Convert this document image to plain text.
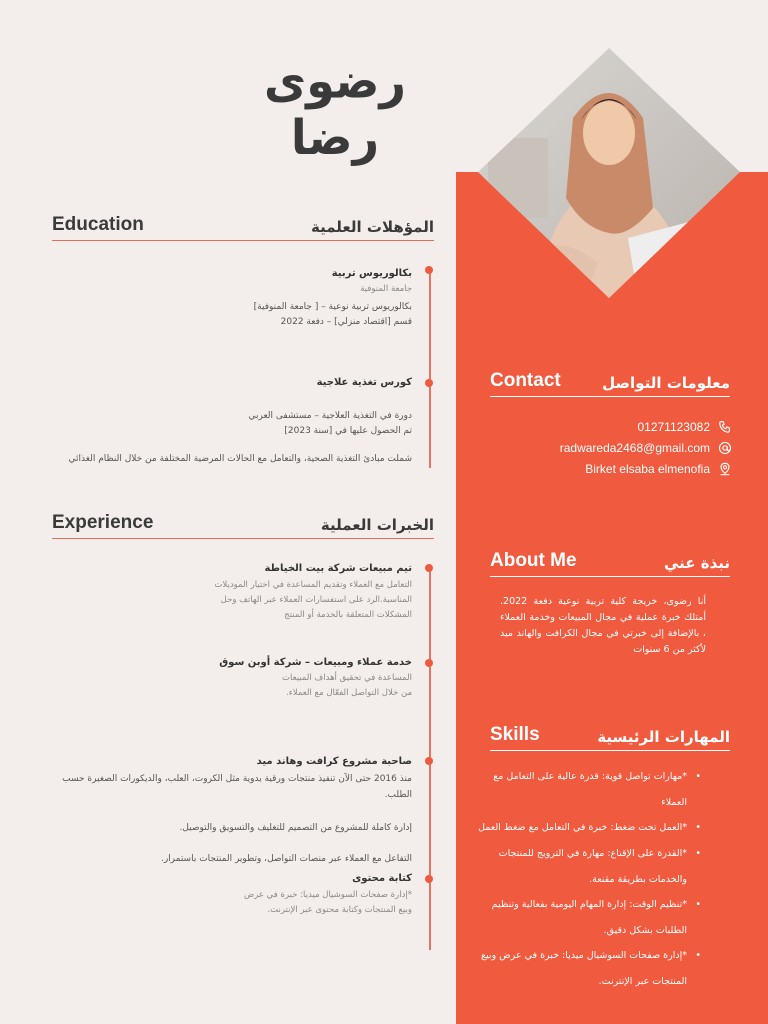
رضوى رضا
Education	المؤهلات العلمية
بكالوريوس تربية
جامعة المنوفية
بكالوريوس تربية نوعية – [ جامعة المنوفية]
قسم [اقتصاد منزلي] – دفعة 2022
كورس تغذية علاجية
دورة في التغذية العلاجية – مستشفى العربي
تم الحصول عليها في [سنة 2023]
شملت مبادئ التغذية الصحية، والتعامل مع الحالات المرضية المختلفة من خلال النظام الغذائي
Experience	الخبرات العملية
تيم مبيعات شركة بيت الخياطة
التعامل مع العملاء وتقديم المساعدة في اختيار الموديلات المناسبة.الرد على استفسارات العملاء عبر الهاتف وحل المشكلات المتعلقة بالخدمة أو المنتج
خدمة عملاء ومبيعات – شركة أوبن سوق
المساعدة في تحقيق أهداف المبيعات
من خلال التواصل الفعّال مع العملاء.
صاحبة مشروع كرافت وهاند ميد
منذ 2016 حتى الآن تنفيذ منتجات ورقية يدوية مثل الكروت، العلب، والديكورات الصغيرة حسب الطلب.
إدارة كاملة للمشروع من التصميم للتغليف والتسويق والتوصيل.
التفاعل مع العملاء عبر منصات التواصل، وتطوير المنتجات باستمرار.
كتابة محتوى
*إدارة صفحات السوشيال ميديا: خبرة في عرض وبيع المنتجات وكتابة محتوى عبر الإنترنت.
Contact	معلومات التواصل
01271123082
radwareda2468@gmail.com
Birket elsaba elmenofia
About Me	نبذة عني
أنا رضوى، خريجة كلية تربية نوعية دفعة 2022. أمتلك خبرة عملية في مجال المبيعات وخدمة العملاء ، بالإضافة إلى خبرتي في مجال الكرافت والهاند ميد لأكثر من 6 سنوات
Skills	المهارات الرئيسية
• *مهارات تواصل قوية: قدرة عالية على التعامل مع العملاء
• *العمل تحت ضغط: خبرة في التعامل مع ضغط العمل
• *القدرة على الإقناع: مهارة في الترويج للمنتجات والخدمات بطريقة مقنعة.
• *تنظيم الوقت: إدارة المهام اليومية بفعالية وتنظيم الطلبات بشكل دقيق.
• *إدارة صفحات السوشيال ميديا: خبرة في عرض وبيع المنتجات عبر الإنترنت.
